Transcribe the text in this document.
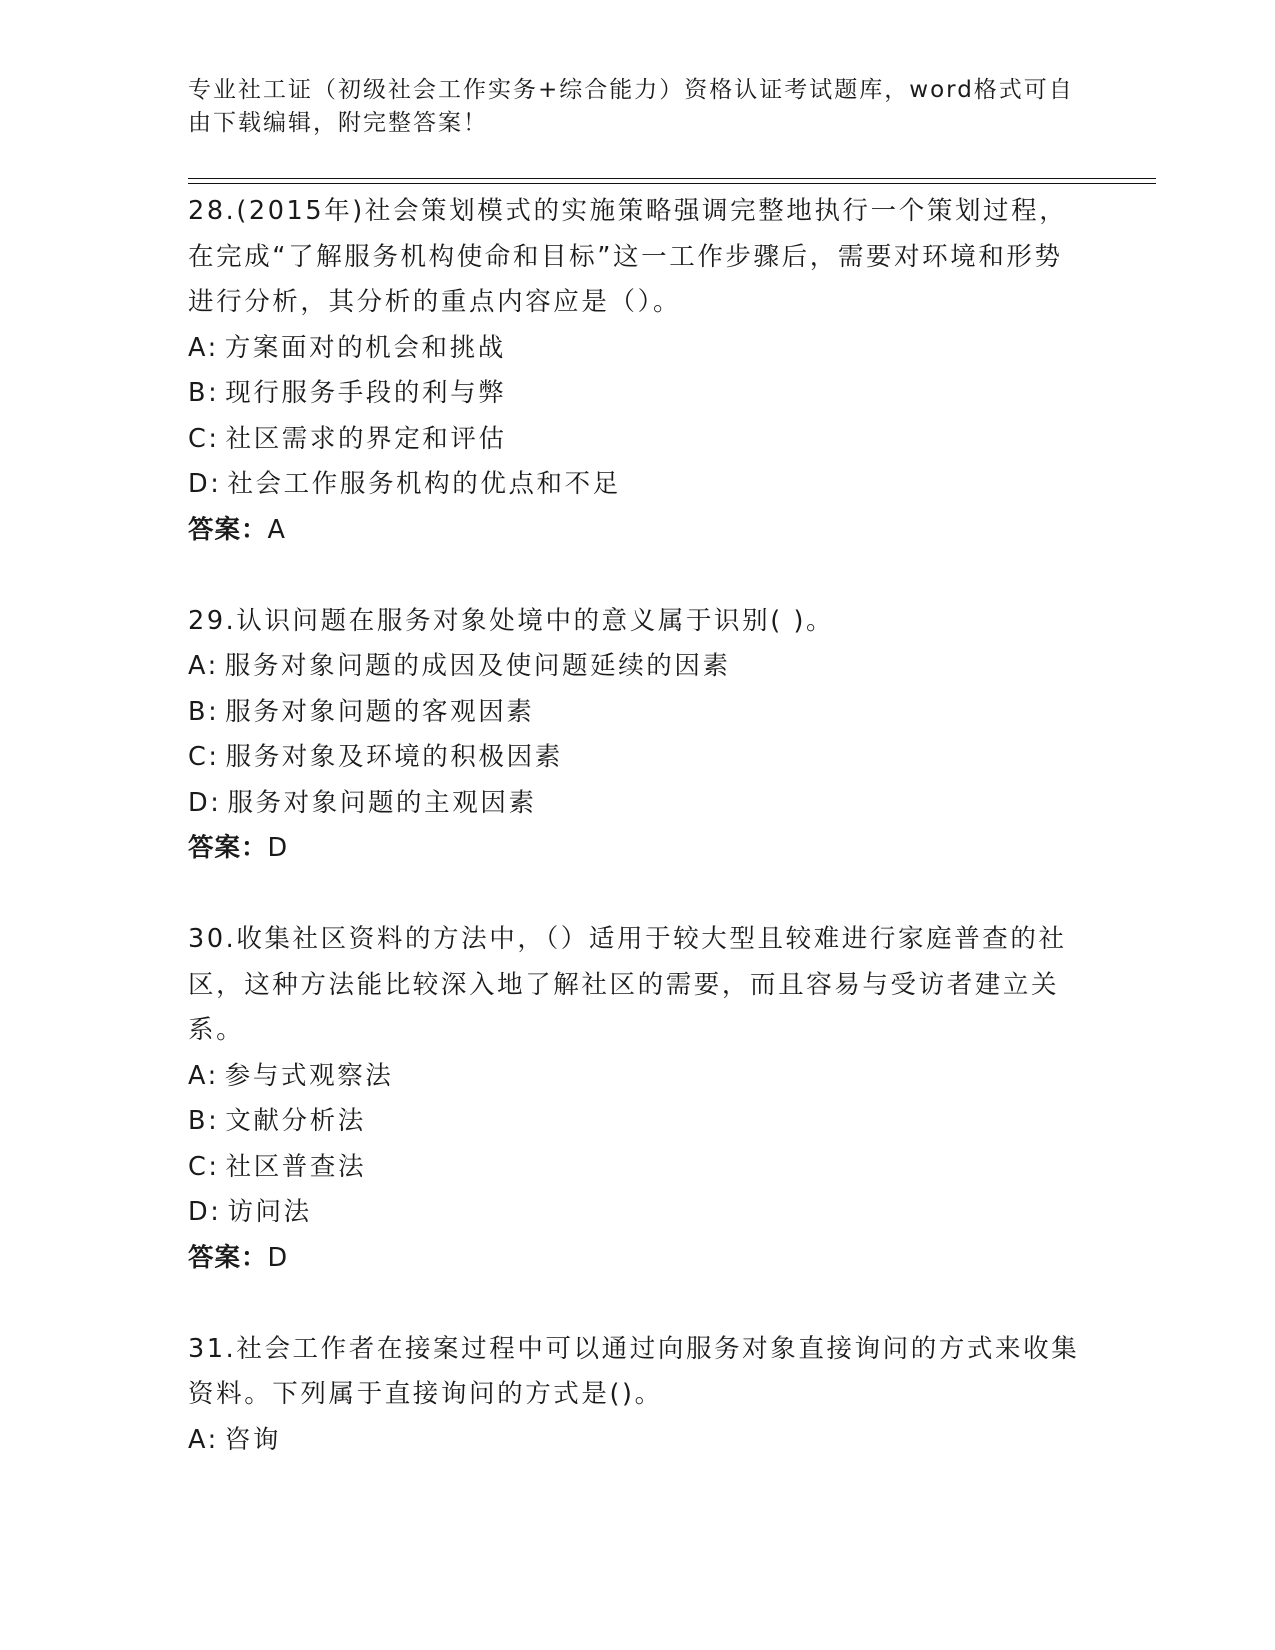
专业社工证（初级社会工作实务+综合能力）资格认证考试题库，word格式可自由下载编辑，附完整答案！

28.(2015年)社会策划模式的实施策略强调完整地执行一个策划过程，在完成“了解服务机构使命和目标”这一工作步骤后，需要对环境和形势进行分析，其分析的重点内容应是（）。

A: 方案面对的机会和挑战

B: 现行服务手段的利与弊

C: 社区需求的界定和评估

D: 社会工作服务机构的优点和不足

答案：A

29.认识问题在服务对象处境中的意义属于识别( )。

A: 服务对象问题的成因及使问题延续的因素

B: 服务对象问题的客观因素

C: 服务对象及环境的积极因素

D: 服务对象问题的主观因素

答案：D

30.收集社区资料的方法中，（）适用于较大型且较难进行家庭普查的社区，这种方法能比较深入地了解社区的需要，而且容易与受访者建立关系。

A: 参与式观察法

B: 文献分析法

C: 社区普查法

D: 访问法

答案：D

31.社会工作者在接案过程中可以通过向服务对象直接询问的方式来收集资料。下列属于直接询问的方式是()。

A: 咨询
